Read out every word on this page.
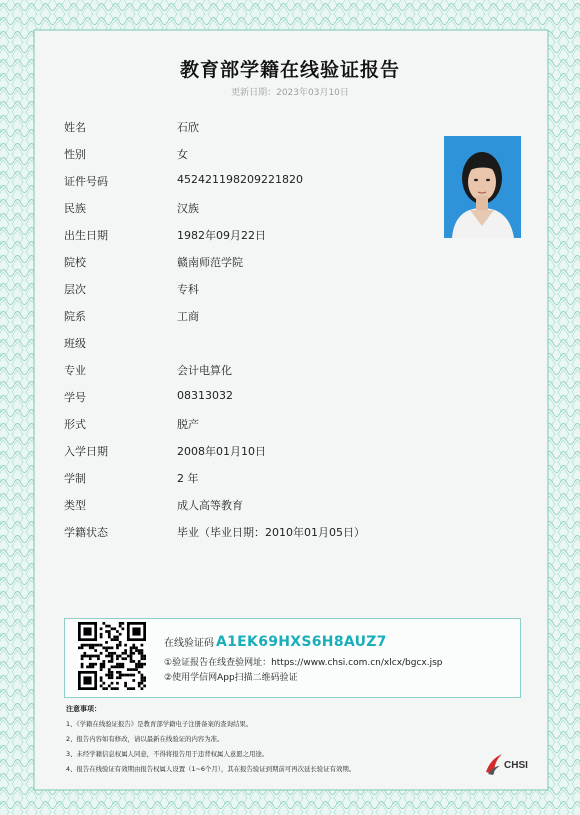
教育部学籍在线验证报告
更新日期：2023年03月10日
姓名	石欣
性别	女
证件号码	452421198209221820
民族	汉族
出生日期	1982年09月22日
院校	赣南师范学院
层次	专科
院系	工商
班级
专业	会计电算化
学号	08313032
形式	脱产
入学日期	2008年01月10日
学制	2 年
类型	成人高等教育
学籍状态	毕业（毕业日期：2010年01月05日）
在线验证码 A1EK69HXS6H8AUZ7
①验证报告在线查验网址：https://www.chsi.com.cn/xlcx/bgcx.jsp
②使用学信网App扫描二维码验证
注意事项：
1、《学籍在线验证报告》是教育部学籍电子注册备案的查询结果。
2、报告内容如有修改，请以最新在线验证的内容为准。
3、未经学籍信息权属人同意，不得将报告用于违背权属人意愿之用途。
4、报告在线验证有效期由报告权属人设置（1~6个月），其在报告验证到期前可再次延长验证有效期。	CHSI
